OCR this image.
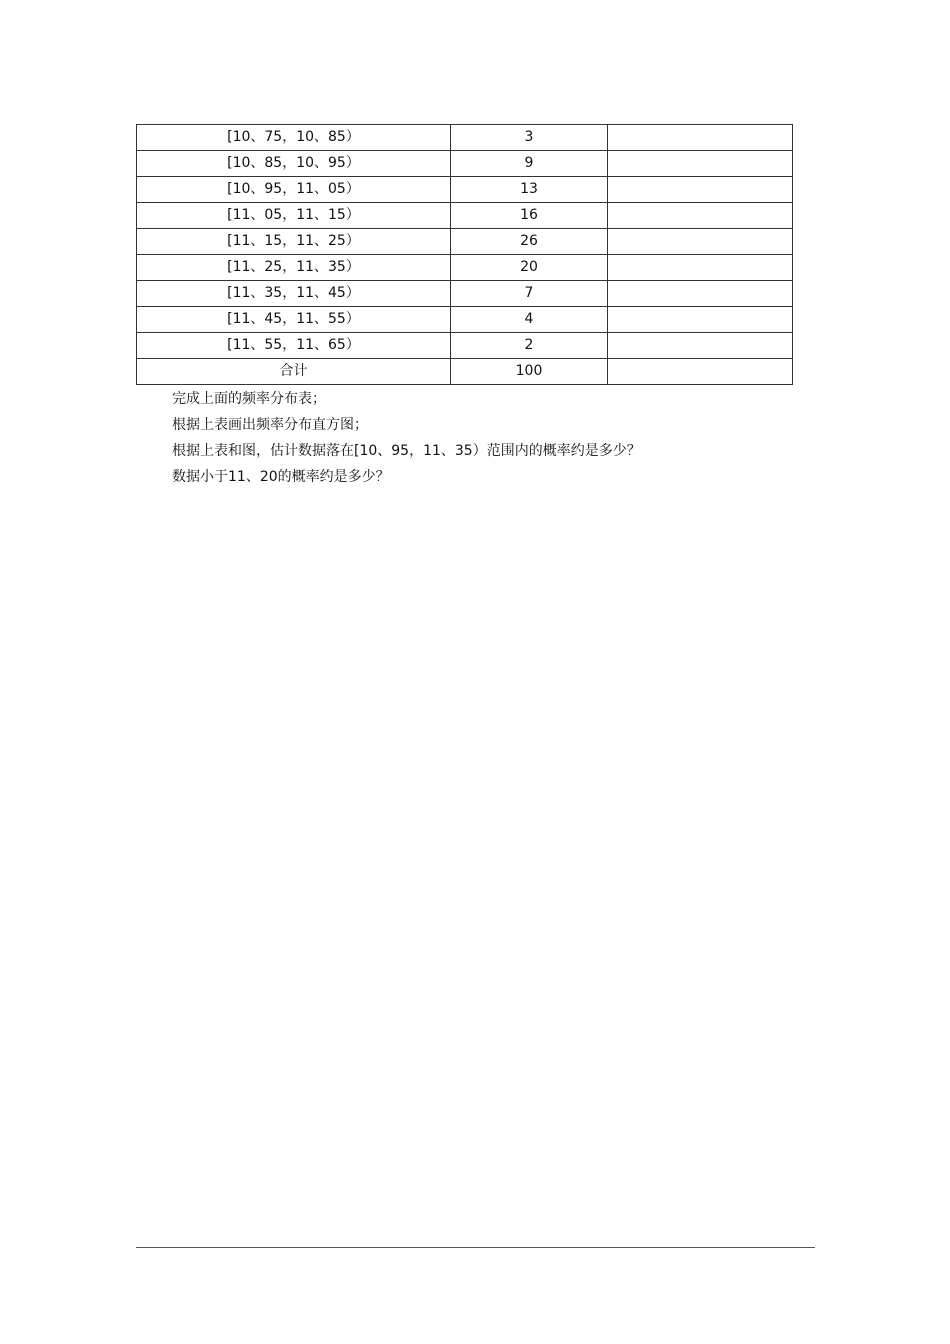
[10、75，10、85）	3	
[10、85，10、95）	9	
[10、95，11、05）	13	
[11、05，11、15）	16	
[11、15，11、25）	26	
[11、25，11、35）	20	
[11、35，11、45）	7	
[11、45，11、55）	4	
[11、55，11、65）	2	
合计	100	

完成上面的频率分布表；

根据上表画出频率分布直方图；

根据上表和图，估计数据落在[10、95，11、35）范围内的概率约是多少？

数据小于11、20的概率约是多少？
